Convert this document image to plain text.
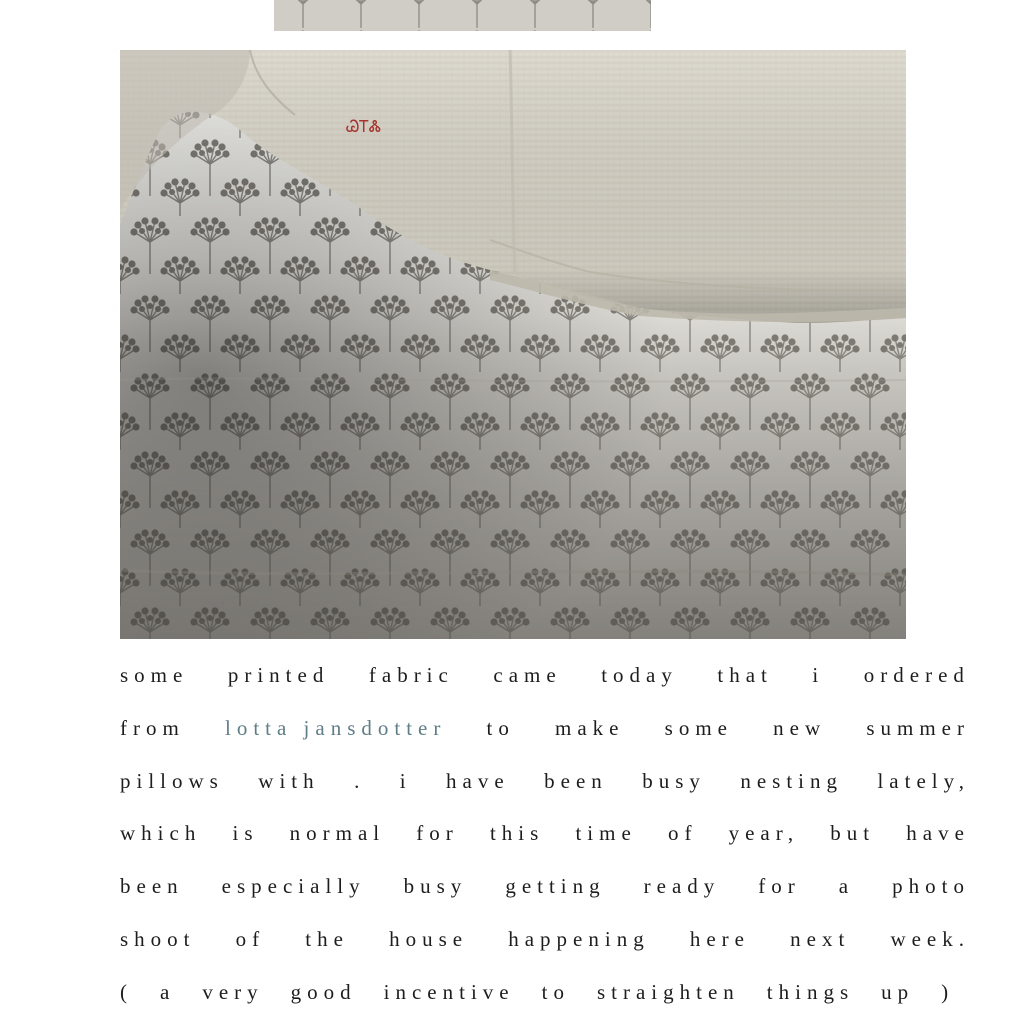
ᏊᎢᏜ
some printed fabric came today that i ordered
from lotta jansdotter to make some new summer
pillows with . i have been busy nesting lately,
which is normal for this time of year, but have
been especially busy getting ready for a photo
shoot of the house happening here next week.
( a very good incentive to straighten things up )
